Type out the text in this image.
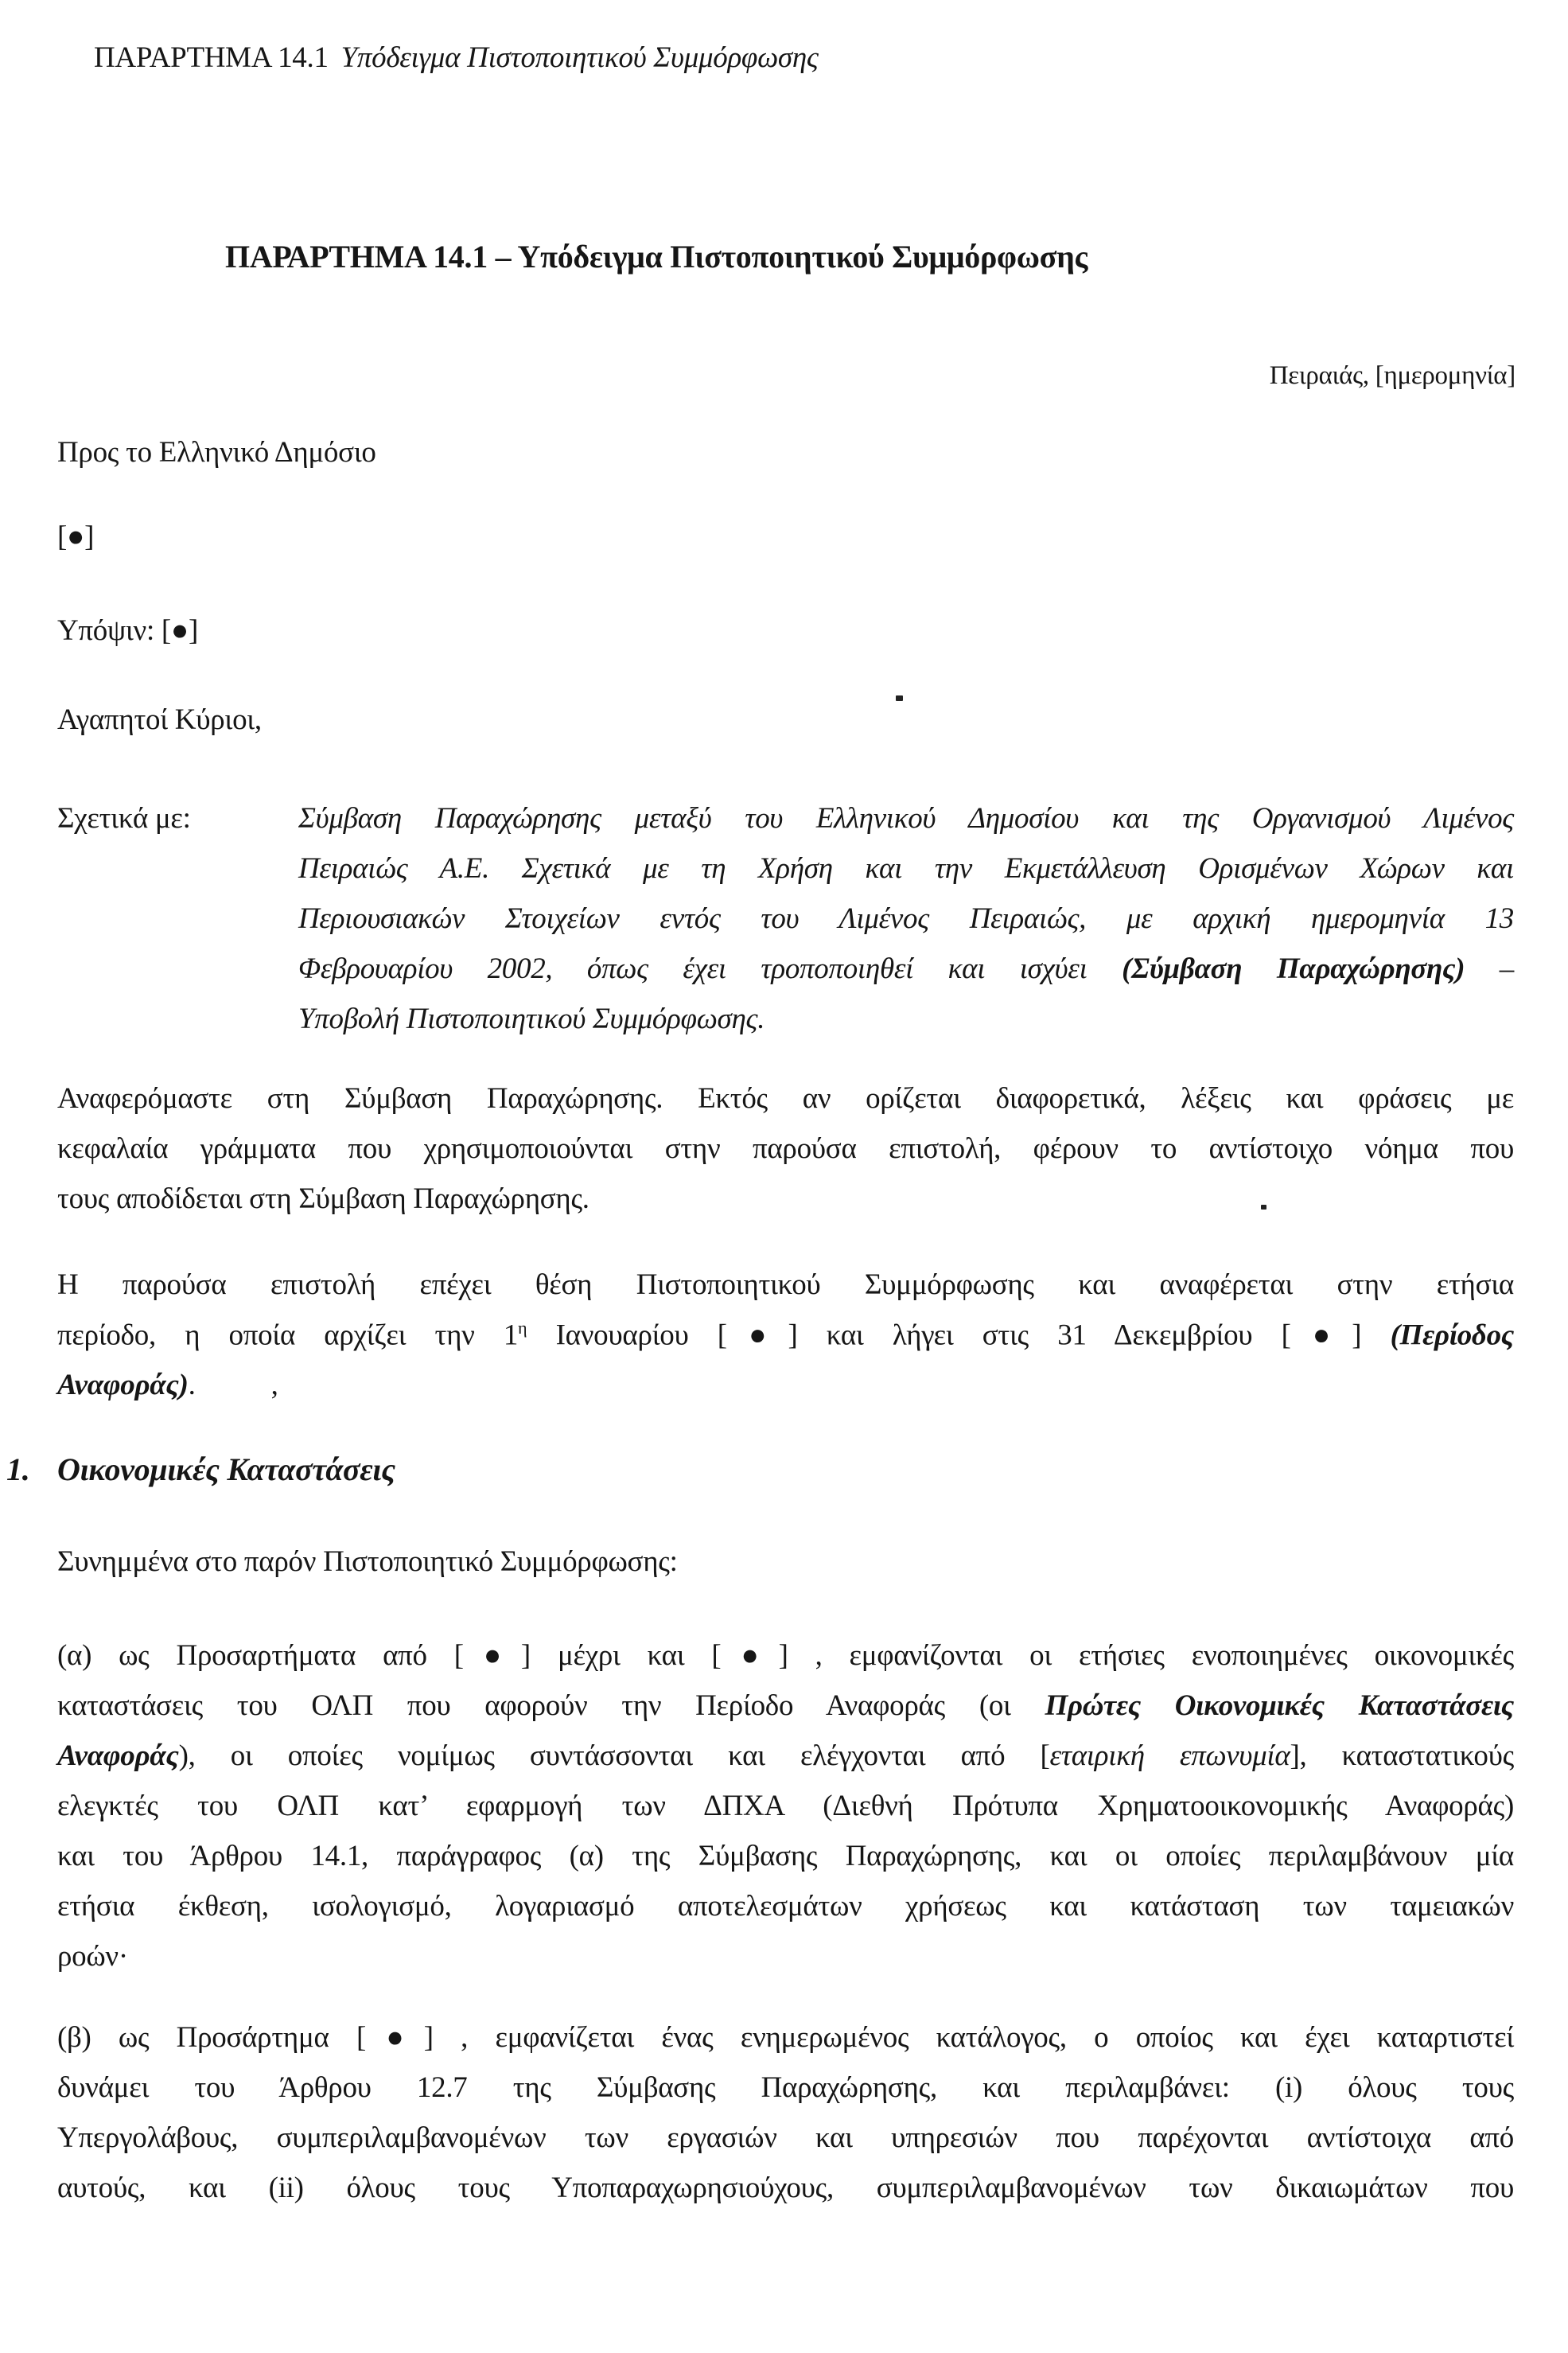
ΠΑΡΑΡΤΗΜΑ 14.1 Υπόδειγμα Πιστοποιητικού Συμμόρφωσης
ΠΑΡΑΡΤΗΜΑ 14.1 – Υπόδειγμα Πιστοποιητικού Συμμόρφωσης
Πειραιάς, [ημερομηνία]
Προς το Ελληνικό Δημόσιο
[●]
Υπόψιν: [●]
Αγαπητοί Κύριοι,
Σχετικά με:	Σύμβαση Παραχώρησης μεταξύ του Ελληνικού Δημοσίου και της Οργανισμού Λιμένος
Πειραιώς Α.Ε. Σχετικά με τη Χρήση και την Εκμετάλλευση Ορισμένων Χώρων και
Περιουσιακών Στοιχείων εντός του Λιμένος Πειραιώς, με αρχική ημερομηνία 13
Φεβρουαρίου 2002, όπως έχει τροποποιηθεί και ισχύει (Σύμβαση Παραχώρησης) –
Υποβολή Πιστοποιητικού Συμμόρφωσης.
Αναφερόμαστε στη Σύμβαση Παραχώρησης. Εκτός αν ορίζεται διαφορετικά, λέξεις και φράσεις με
κεφαλαία γράμματα που χρησιμοποιούνται στην παρούσα επιστολή, φέρουν το αντίστοιχο νόημα που
τους αποδίδεται στη Σύμβαση Παραχώρησης.
Η παρούσα επιστολή επέχει θέση Πιστοποιητικού Συμμόρφωσης και αναφέρεται στην ετήσια
περίοδο, η οποία αρχίζει την $1^\eta$ Ιανουαρίου [●] και λήγει στις 31 Δεκεμβρίου [●] (Περίοδος
Αναφοράς).	,
1. Οικονομικές Καταστάσεις
Συνημμένα στο παρόν Πιστοποιητικό Συμμόρφωσης:
(α) ως Προσαρτήματα από [●] μέχρι και [●] , εμφανίζονται οι ετήσιες ενοποιημένες οικονομικές
καταστάσεις του ΟΛΠ που αφορούν την Περίοδο Αναφοράς (οι Πρώτες Οικονομικές Καταστάσεις
Αναφοράς), οι οποίες νομίμως συντάσσονται και ελέγχονται από [εταιρική επωνυμία], καταστατικούς
ελεγκτές του ΟΛΠ κατ’ εφαρμογή των ΔΠΧΑ (Διεθνή Πρότυπα Χρηματοοικονομικής Αναφοράς)
και του Άρθρου 14.1, παράγραφος (α) της Σύμβασης Παραχώρησης, και οι οποίες περιλαμβάνουν μία
ετήσια έκθεση, ισολογισμό, λογαριασμό αποτελεσμάτων χρήσεως και κατάσταση των ταμειακών
ροών·
(β) ως Προσάρτημα [●] , εμφανίζεται ένας ενημερωμένος κατάλογος, ο οποίος και έχει καταρτιστεί
δυνάμει του Άρθρου 12.7 της Σύμβασης Παραχώρησης, και περιλαμβάνει: (i) όλους τους
Υπεργολάβους, συμπεριλαμβανομένων των εργασιών και υπηρεσιών που παρέχονται αντίστοιχα από
αυτούς, και (ii) όλους τους Υποπαραχωρησιούχους, συμπεριλαμβανομένων των δικαιωμάτων που
